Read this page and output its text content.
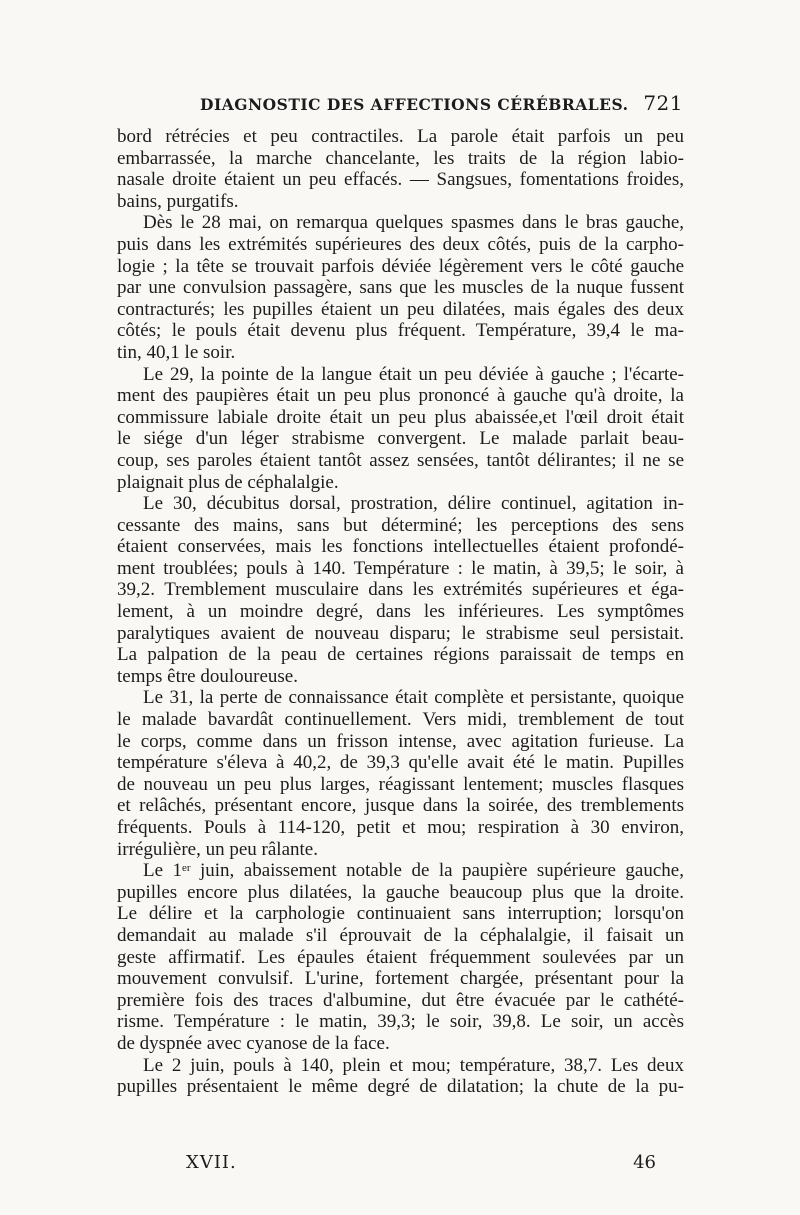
DIAGNOSTIC DES AFFECTIONS CÉRÉBRALES. 721
bord rétrécies et peu contractiles. La parole était parfois un peu
embarrassée, la marche chancelante, les traits de la région labio-
nasale droite étaient un peu effacés. — Sangsues, fomentations froides,
bains, purgatifs.
Dès le 28 mai, on remarqua quelques spasmes dans le bras gauche,
puis dans les extrémités supérieures des deux côtés, puis de la carpho-
logie ; la tête se trouvait parfois déviée légèrement vers le côté gauche
par une convulsion passagère, sans que les muscles de la nuque fussent
contracturés; les pupilles étaient un peu dilatées, mais égales des deux
côtés; le pouls était devenu plus fréquent. Température, 39,4 le ma-
tin, 40,1 le soir.
Le 29, la pointe de la langue était un peu déviée à gauche ; l'écarte-
ment des paupières était un peu plus prononcé à gauche qu'à droite, la
commissure labiale droite était un peu plus abaissée,et l'œil droit était
le siége d'un léger strabisme convergent. Le malade parlait beau-
coup, ses paroles étaient tantôt assez sensées, tantôt délirantes; il ne se
plaignait plus de céphalalgie.
Le 30, décubitus dorsal, prostration, délire continuel, agitation in-
cessante des mains, sans but déterminé; les perceptions des sens
étaient conservées, mais les fonctions intellectuelles étaient profondé-
ment troublées; pouls à 140. Température : le matin, à 39,5; le soir, à
39,2. Tremblement musculaire dans les extrémités supérieures et éga-
lement, à un moindre degré, dans les inférieures. Les symptômes
paralytiques avaient de nouveau disparu; le strabisme seul persistait.
La palpation de la peau de certaines régions paraissait de temps en
temps être douloureuse.
Le 31, la perte de connaissance était complète et persistante, quoique
le malade bavardât continuellement. Vers midi, tremblement de tout
le corps, comme dans un frisson intense, avec agitation furieuse. La
température s'éleva à 40,2, de 39,3 qu'elle avait été le matin. Pupilles
de nouveau un peu plus larges, réagissant lentement; muscles flasques
et relâchés, présentant encore, jusque dans la soirée, des tremblements
fréquents. Pouls à 114-120, petit et mou; respiration à 30 environ,
irrégulière, un peu râlante.
Le 1er juin, abaissement notable de la paupière supérieure gauche,
pupilles encore plus dilatées, la gauche beaucoup plus que la droite.
Le délire et la carphologie continuaient sans interruption; lorsqu'on
demandait au malade s'il éprouvait de la céphalalgie, il faisait un
geste affirmatif. Les épaules étaient fréquemment soulevées par un
mouvement convulsif. L'urine, fortement chargée, présentant pour la
première fois des traces d'albumine, dut être évacuée par le cathété-
risme. Température : le matin, 39,3; le soir, 39,8. Le soir, un accès
de dyspnée avec cyanose de la face.
Le 2 juin, pouls à 140, plein et mou; température, 38,7. Les deux
pupilles présentaient le même degré de dilatation; la chute de la pu-
XVII.	46
